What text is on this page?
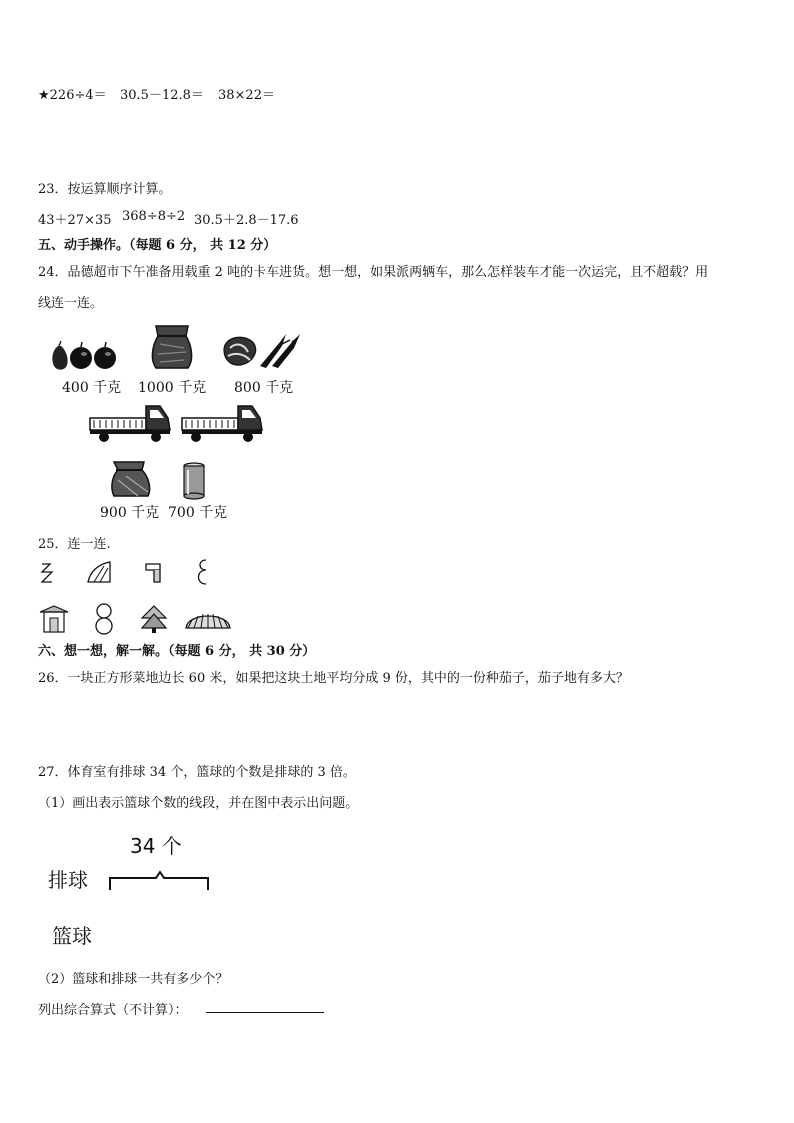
★226÷4＝ 30.5－12.8＝ 38×22＝
23．按运算顺序计算。
43＋27×35 368÷8÷2 30.5＋2.8－17.6
五、动手操作。（每题 6 分， 共 12 分）
24．品德超市下午准备用载重 2 吨的卡车进货。想一想，如果派两辆车，那么怎样装车才能一次运完，且不超载？用
线连一连。
400 千克 1000 千克 800 千克
900 千克 700 千克
25．连一连.
六、想一想，解一解。（每题 6 分， 共 30 分）
26．一块正方形菜地边长 60 米，如果把这块土地平均分成 9 份，其中的一份种茄子，茄子地有多大？
27．体育室有排球 34 个，篮球的个数是排球的 3 倍。
（1）画出表示篮球个数的线段，并在图中表示出问题。
34 个
排球
篮球
（2）篮球和排球一共有多少个？
列出综合算式（不计算）：
